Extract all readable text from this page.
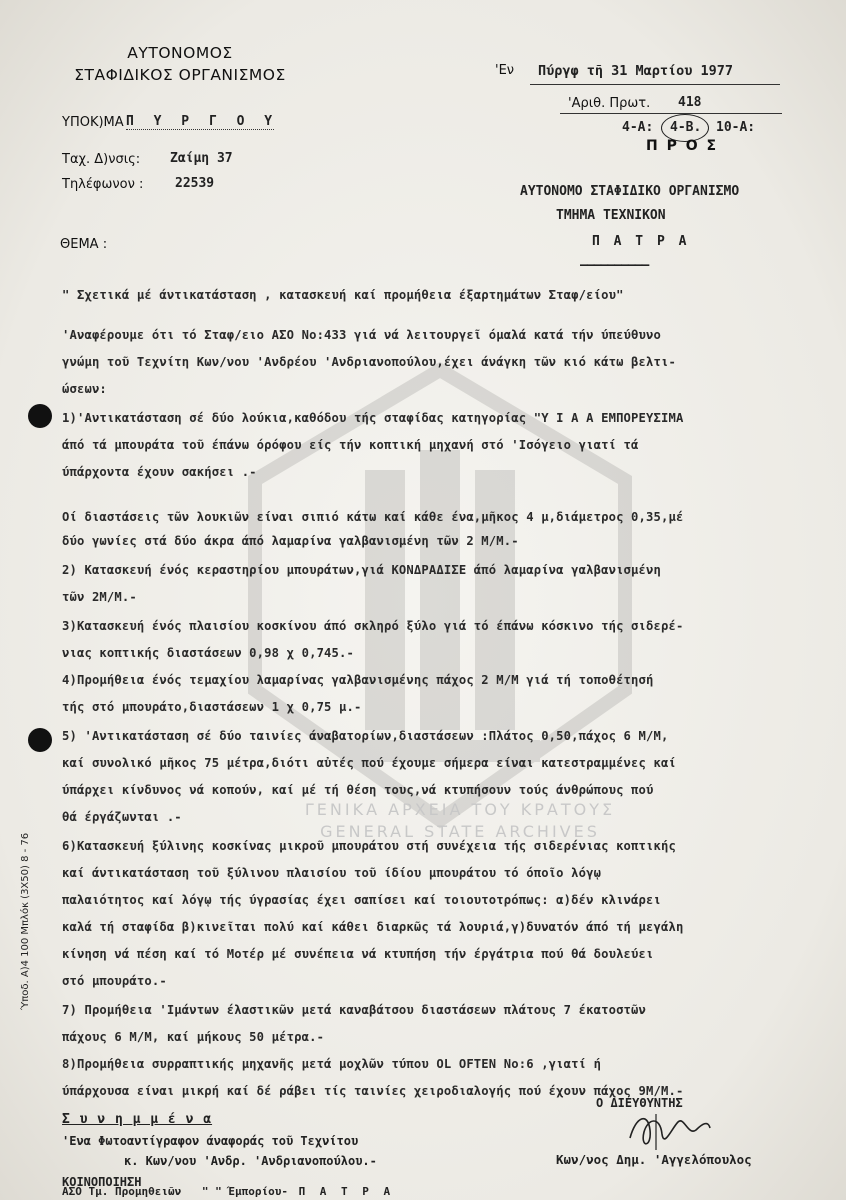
ΓΕΝΙΚΑ ΑΡΧΕΙΑ ΤΟΥ ΚΡΑΤΟΥΣ
GENERAL STATE ARCHIVES
ΑΥΤΟΝΟΜΟΣ
ΣΤΑΦΙΔΙΚΟΣ ΟΡΓΑΝΙΣΜΟΣ
ΥΠΟΚ)ΜΑ Π Υ Ρ Γ Ο Υ
Ταχ. Δ)νσις: Ζαίμη 37
Τηλέφωνον : 22539
ΘΕΜΑ :
'Εν Πύργφ τῆ 31 Μαρτίου 1977
'Αριθ. Πρωτ. 418
4-Α: 4-Β. 10-Α:
Π Ρ Ο Σ
ΑΥΤΟΝΟΜΟ ΣΤΑΦΙΔΙΚΟ ΟΡΓΑΝΙΣΜΟ
ΤΜΗΜΑ ΤΕΧΝΙΚΟΝ
Π Α Τ Ρ Α
——————————
" Σχετικά μέ άντικατάσταση , κατασκευή καί προμήθεια έξαρτημάτων Σταφ/είου"
'Αναφέρουμε ότι τό Σταφ/ειο ΑΣΟ Νο:433 γιά νά λειτουργεῖ όμαλά κατά τήν ύπεύθυνο
γνώμη τοῦ Τεχνίτη Κων/νου 'Ανδρέου 'Ανδριανοπούλου,έχει άνάγκη τῶν κιό κάτω βελτι-
ώσεων:
1)'Αντικατάσταση σέ δύο λούκια,καθόδου τής σταφίδας κατηγορίας "Υ Ι Α Α ΕΜΠΟΡΕΥΣΙΜΑ
άπό τά μπουράτα τοῦ έπάνω όρόφου είς τήν κοπτική μηχανή στό 'Ισόγειο γιατί τά
ύπάρχοντα έχουν σακήσει .-
Οί διαστάσεις τῶν λουκιῶν είναι σιπιό κάτω καί κάθε ένα,μῆκος 4 μ,διάμετρος 0,35,μέ
δύο γωνίες στά δύο άκρα άπό λαμαρίνα γαλβανισμένη τῶν 2 Μ/Μ.-
2) Κατασκευή ένός κεραστηρίου μπουράτων,γιά ΚΟΝΔΡΑΔΙΣΕ άπό λαμαρίνα γαλβανισμένη
τῶν 2Μ/Μ.-
3)Κατασκευή ένός πλαισίου κοσκίνου άπό σκληρό ξύλο γιά τό έπάνω κόσκινο τής σιδερέ-
νιας κοπτικής διαστάσεων 0,98 χ 0,745.-
4)Προμήθεια ένός τεμαχίου λαμαρίνας γαλβανισμένης πάχος 2 Μ/Μ γιά τή τοποθέτησή
τής στό μπουράτο,διαστάσεων 1 χ 0,75 μ.-
5) 'Αντικατάσταση σέ δύο ταινίες άναβατορίων,διαστάσεων :Πλάτος 0,50,πάχος 6 Μ/Μ,
καί συνολικό μῆκος 75 μέτρα,διότι αὐτές πού έχουμε σήμερα είναι κατεστραμμένες καί
ύπάρχει κίνδυνος νά κοπούν, καί μέ τή θέση τους,νά κτυπήσουν τούς άνθρώπους πού
θά έργάζωνται .-
6)Κατασκευή ξύλινης κοσκίνας μικροῦ μπουράτου στή συνέχεια τής σιδερένιας κοπτικής
καί άντικατάσταση τοῦ ξύλινου πλαισίου τοῦ ίδίου μπουράτου τό όποῖο λόγῳ
παλαιότητος καί λόγῳ τής ύγρασίας έχει σαπίσει καί τοιουτοτρόπως: α)δέν κλινάρει
καλά τή σταφίδα β)κινεῖται πολύ καί κάθει διαρκῶς τά λουριά,γ)δυνατόν άπό τή μεγάλη
κίνηση νά πέση καί τό Μοτέρ μέ συνέπεια νά κτυπήση τήν έργάτρια πού θά δουλεύει
στό μπουράτο.-
7) Προμήθεια 'Ιμάντων έλαστικῶν μετά καναβάτσου διαστάσεων πλάτους 7 έκατοστῶν
πάχους 6 Μ/Μ, καί μήκους 50 μέτρα.-
8)Προμήθεια συρραπτικής μηχανῆς μετά μοχλῶν τύπου OL OFTEN Νο:6 ,γιατί ή
ύπάρχουσα είναι μικρή καί δέ ράβει τίς ταινίες χειροδιαλογής πού έχουν πάχος 9Μ/Μ.-
Σ υ ν η μ μ έ ν α
'Ενα Φωτοαντίγραφον άναφοράς τοῦ Τεχνίτου
κ. Κων/νου 'Ανδρ. 'Ανδριανοπούλου.-
Ο ΔΙΕΥΘΥΝΤΗΣ
ΚΟΙΝΟΠΟΙΗΣΗ
Κων/νος Δημ. 'Αγγελόπουλος
Ύποδ. Α)4 100 Μπλόκ (3Χ50) 8 - 76
ΑΣΟ Τμ. Προμηθειῶν " " Έμπορίου- Π Α Τ Ρ Α
